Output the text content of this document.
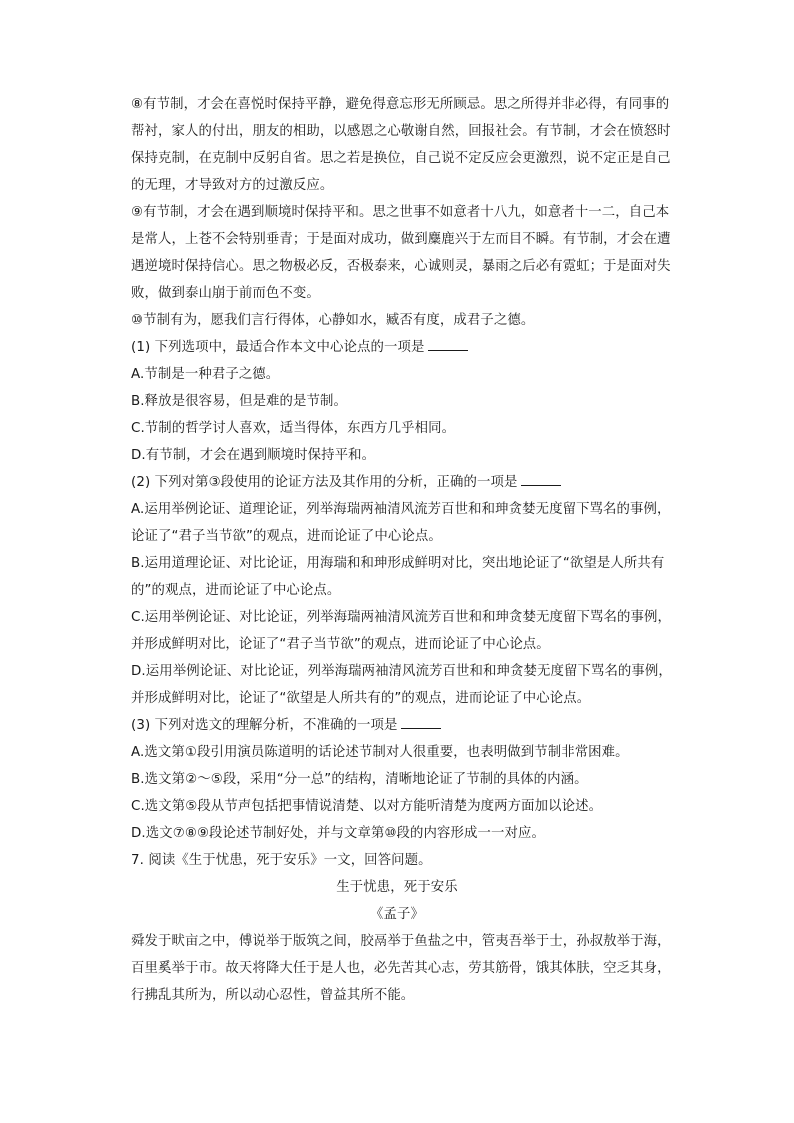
⑧有节制，才会在喜悦时保持平静，避免得意忘形无所顾忌。思之所得并非必得，有同事的
帮衬，家人的付出，朋友的相助，以感恩之心敬谢自然，回报社会。有节制，才会在愤怒时
保持克制，在克制中反躬自省。思之若是换位，自己说不定反应会更激烈，说不定正是自己
的无理，才导致对方的过激反应。
⑨有节制，才会在遇到顺境时保持平和。思之世事不如意者十八九，如意者十一二，自己本
是常人，上苍不会特别垂青；于是面对成功，做到麋鹿兴于左而目不瞬。有节制，才会在遭
遇逆境时保持信心。思之物极必反，否极泰来，心诚则灵，暴雨之后必有霓虹；于是面对失
败，做到泰山崩于前而色不变。
⑩节制有为，愿我们言行得体，心静如水，臧否有度，成君子之德。
(1) 下列选项中，最适合作本文中心论点的一项是
A.节制是一种君子之德。
B.释放是很容易，但是难的是节制。
C.节制的哲学讨人喜欢，适当得体，东西方几乎相同。
D.有节制，才会在遇到顺境时保持平和。
(2) 下列对第③段使用的论证方法及其作用的分析，正确的一项是
A.运用举例论证、道理论证，列举海瑞两袖清风流芳百世和和珅贪婪无度留下骂名的事例，
论证了“君子当节欲”的观点，进而论证了中心论点。
B.运用道理论证、对比论证，用海瑞和和珅形成鲜明对比，突出地论证了“欲望是人所共有
的”的观点，进而论证了中心论点。
C.运用举例论证、对比论证，列举海瑞两袖清风流芳百世和和珅贪婪无度留下骂名的事例，
并形成鲜明对比，论证了“君子当节欲”的观点，进而论证了中心论点。
D.运用举例论证、对比论证，列举海瑞两袖清风流芳百世和和珅贪婪无度留下骂名的事例，
并形成鲜明对比，论证了“欲望是人所共有的”的观点，进而论证了中心论点。
(3) 下列对选文的理解分析，不准确的一项是
A.选文第①段引用演员陈道明的话论述节制对人很重要，也表明做到节制非常困难。
B.选文第②～⑤段，采用“分一总”的结构，清晰地论证了节制的具体的内涵。
C.选文第⑤段从节声包括把事情说清楚、以对方能听清楚为度两方面加以论述。
D.选文⑦⑧⑨段论述节制好处，并与文章第⑩段的内容形成一一对应。
7. 阅读《生于忧患，死于安乐》一文，回答问题。
生于忧患，死于安乐
《孟子》
舜发于畎亩之中，傅说举于版筑之间，胶鬲举于鱼盐之中，管夷吾举于士，孙叔敖举于海，
百里奚举于市。故天将降大任于是人也，必先苦其心志，劳其筋骨，饿其体肤，空乏其身，
行拂乱其所为，所以动心忍性，曾益其所不能。
